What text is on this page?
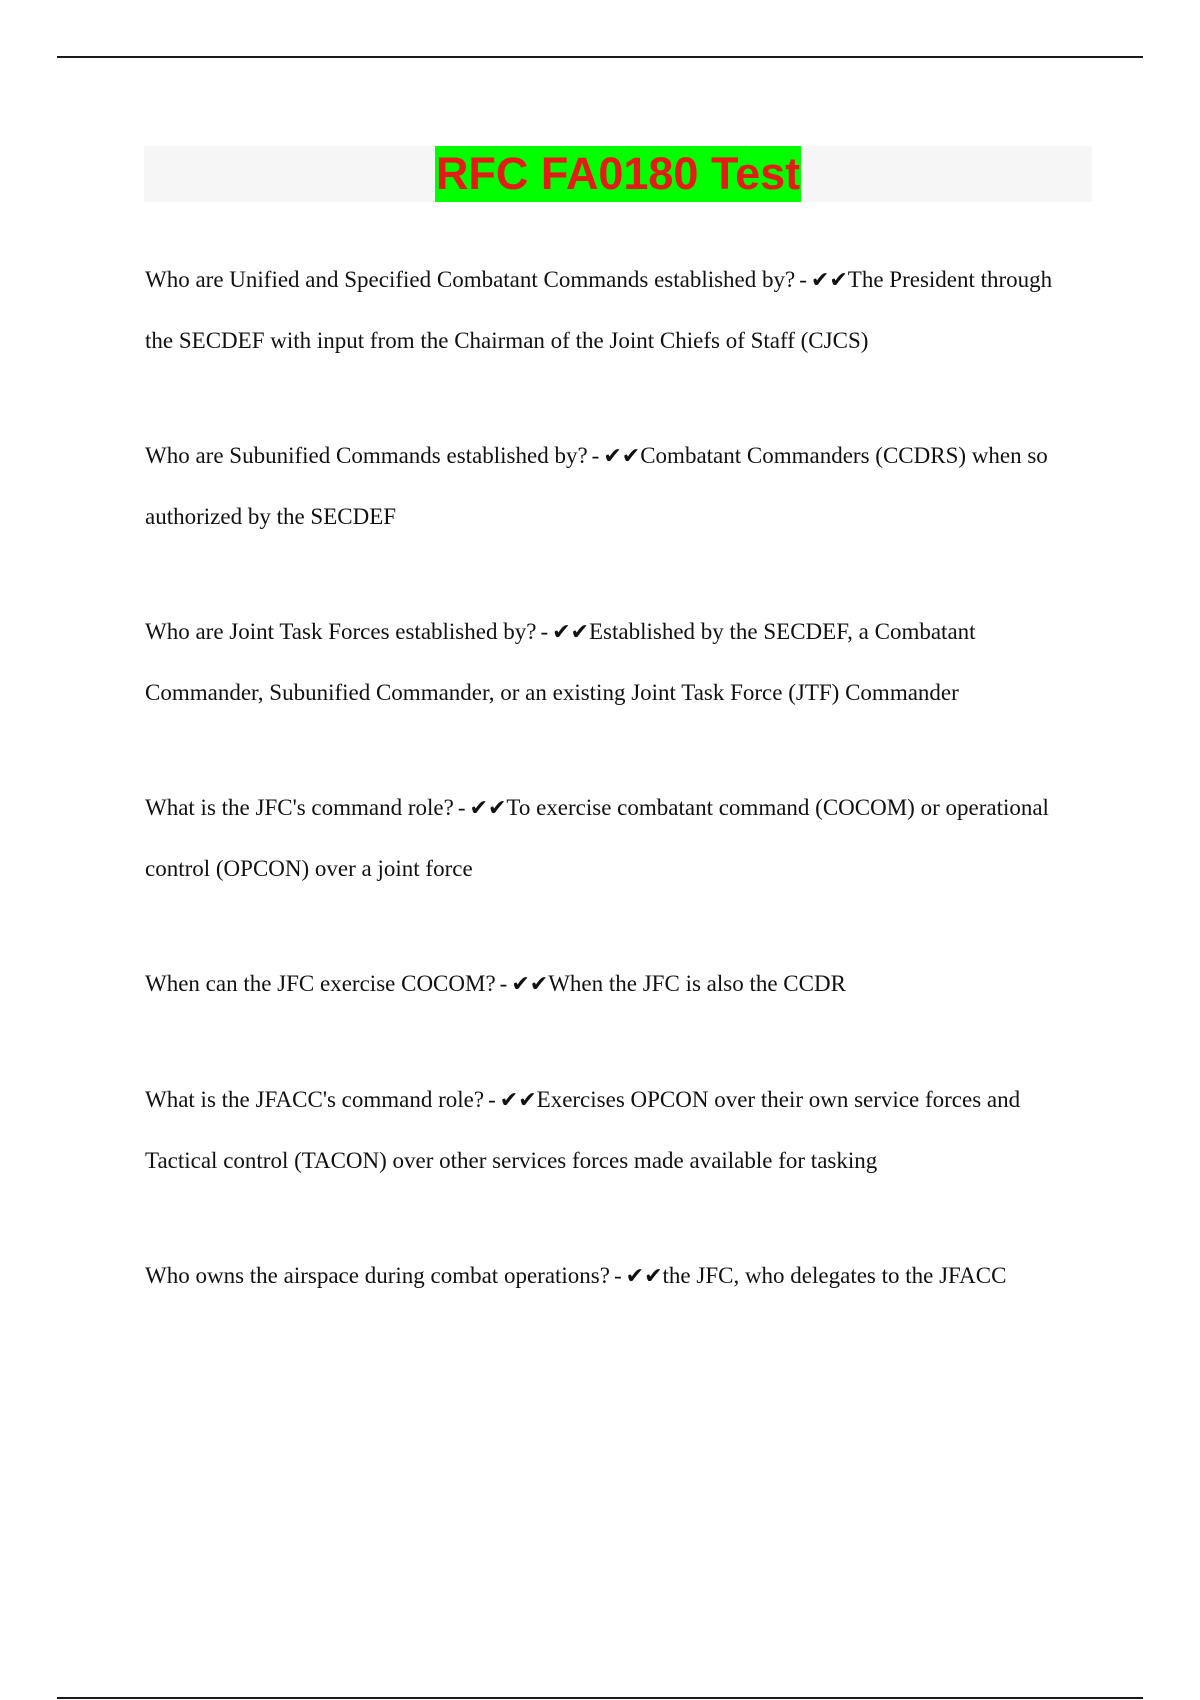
RFC FA0180 Test

Who are Unified and Specified Combatant Commands established by? - ✔✔The President through the SECDEF with input from the Chairman of the Joint Chiefs of Staff (CJCS)

Who are Subunified Commands established by? - ✔✔Combatant Commanders (CCDRS) when so authorized by the SECDEF

Who are Joint Task Forces established by? - ✔✔Established by the SECDEF, a Combatant Commander, Subunified Commander, or an existing Joint Task Force (JTF) Commander

What is the JFC's command role? - ✔✔To exercise combatant command (COCOM) or operational control (OPCON) over a joint force

When can the JFC exercise COCOM? - ✔✔When the JFC is also the CCDR

What is the JFACC's command role? - ✔✔Exercises OPCON over their own service forces and Tactical control (TACON) over other services forces made available for tasking

Who owns the airspace during combat operations? - ✔✔the JFC, who delegates to the JFACC
